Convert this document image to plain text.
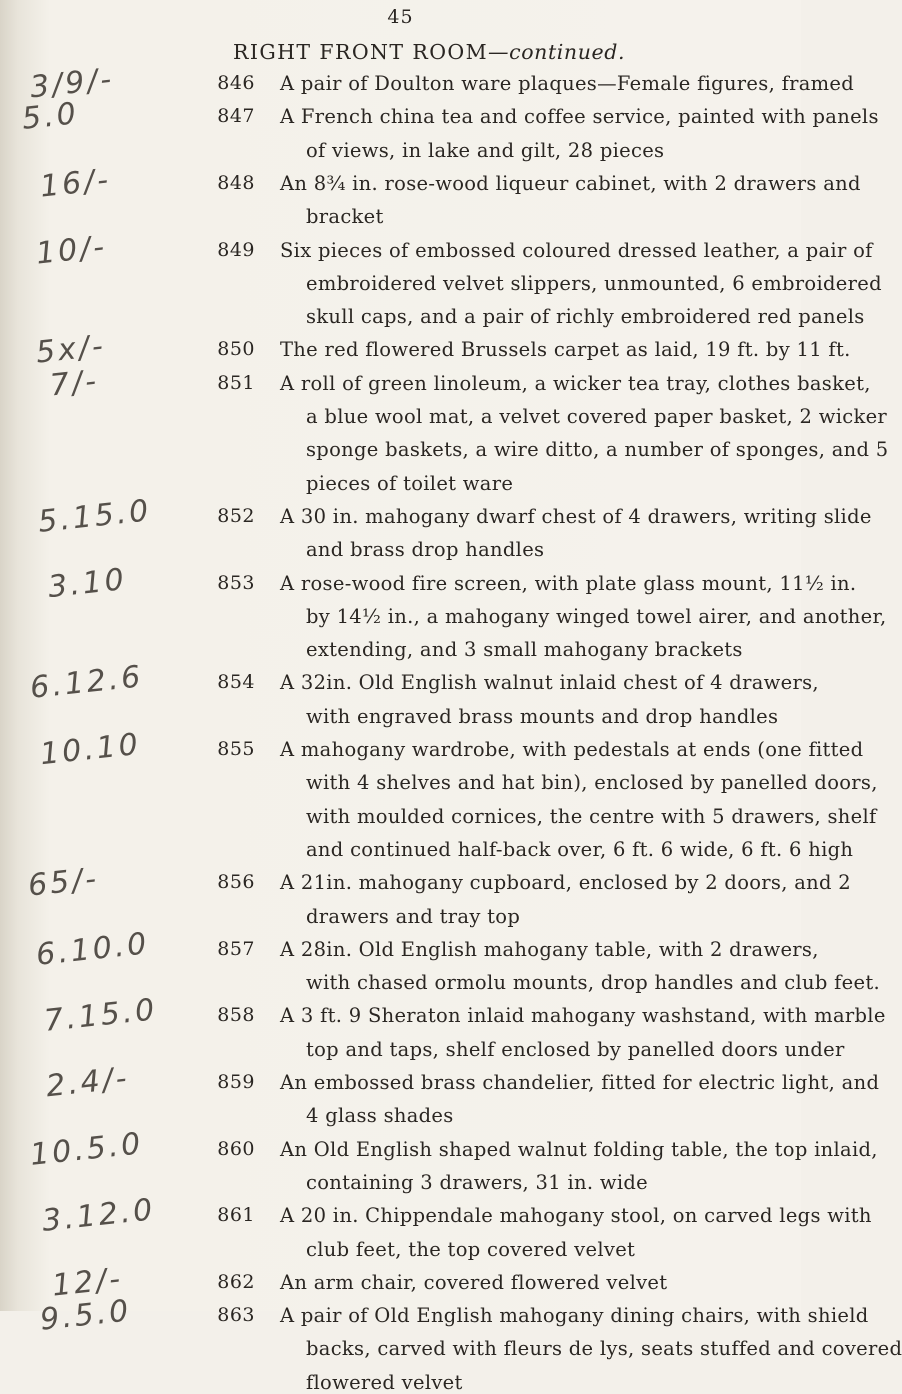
45
RIGHT FRONT ROOM—continued.
3/9/-	846 A pair of Doulton ware plaques—Female figures, framed
5.0	847 A French china tea and coffee service, painted with panels
of views, in lake and gilt, 28 pieces
16/-	848 An 8¾ in. rose-wood liqueur cabinet, with 2 drawers and
bracket
10/-	849 Six pieces of embossed coloured dressed leather, a pair of
embroidered velvet slippers, unmounted, 6 embroidered
skull caps, and a pair of richly embroidered red panels
5x/-	850 The red flowered Brussels carpet as laid, 19 ft. by 11 ft.
7/-	851 A roll of green linoleum, a wicker tea tray, clothes basket,
a blue wool mat, a velvet covered paper basket, 2 wicker
sponge baskets, a wire ditto, a number of sponges, and 5
pieces of toilet ware
5.15.0	852 A 30 in. mahogany dwarf chest of 4 drawers, writing slide
and brass drop handles
3.10	853 A rose-wood fire screen, with plate glass mount, 11½ in.
by 14½ in., a mahogany winged towel airer, and another,
extending, and 3 small mahogany brackets
6.12.6	854 A 32in. Old English walnut inlaid chest of 4 drawers,
with engraved brass mounts and drop handles
10.10	855 A mahogany wardrobe, with pedestals at ends (one fitted
with 4 shelves and hat bin), enclosed by panelled doors,
with moulded cornices, the centre with 5 drawers, shelf
and continued half-back over, 6 ft. 6 wide, 6 ft. 6 high
65/-	856 A 21in. mahogany cupboard, enclosed by 2 doors, and 2
drawers and tray top
6.10.0	857 A 28in. Old English mahogany table, with 2 drawers,
with chased ormolu mounts, drop handles and club feet.
7.15.0	858 A 3 ft. 9 Sheraton inlaid mahogany washstand, with marble
top and taps, shelf enclosed by panelled doors under
2.4/-	859 An embossed brass chandelier, fitted for electric light, and
4 glass shades
10.5.0	860 An Old English shaped walnut folding table, the top inlaid,
containing 3 drawers, 31 in. wide
3.12.0	861 A 20 in. Chippendale mahogany stool, on carved legs with
club feet, the top covered velvet
12/-	862 An arm chair, covered flowered velvet
9.5.0	863 A pair of Old English mahogany dining chairs, with shield
backs, carved with fleurs de lys, seats stuffed and covered
flowered velvet
